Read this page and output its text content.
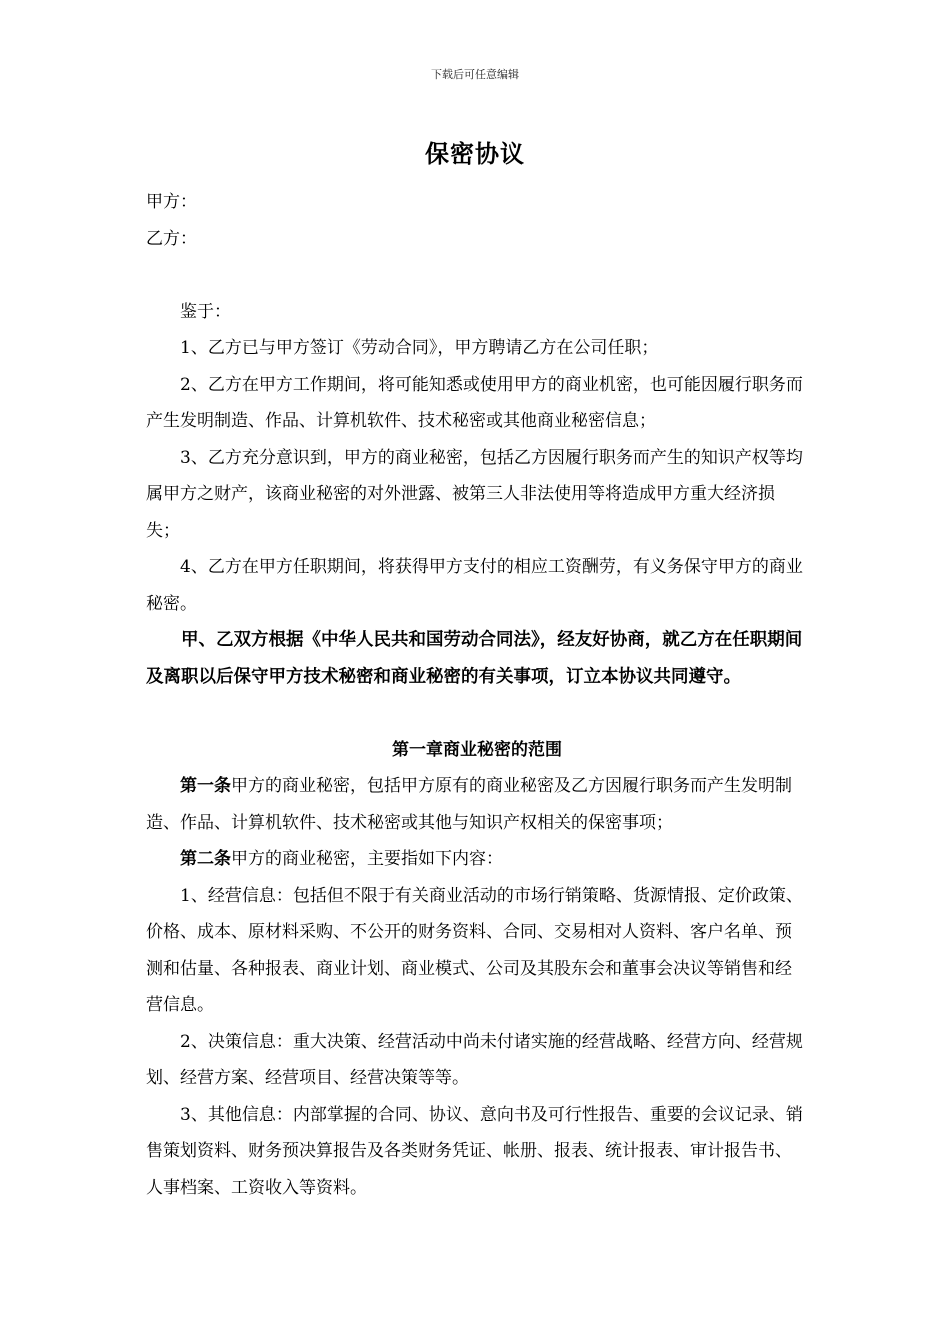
下载后可任意编辑
保密协议

甲方：

乙方：

鉴于：

1、乙方已与甲方签订《劳动合同》，甲方聘请乙方在公司任职；

2、乙方在甲方工作期间，将可能知悉或使用甲方的商业机密，也可能因履行职务而产生发明制造、作品、计算机软件、技术秘密或其他商业秘密信息；

3、乙方充分意识到，甲方的商业秘密，包括乙方因履行职务而产生的知识产权等均属甲方之财产，该商业秘密的对外泄露、被第三人非法使用等将造成甲方重大经济损失；

4、乙方在甲方任职期间，将获得甲方支付的相应工资酬劳，有义务保守甲方的商业秘密。

甲、乙双方根据《中华人民共和国劳动合同法》，经友好协商，就乙方在任职期间及离职以后保守甲方技术秘密和商业秘密的有关事项，订立本协议共同遵守。

第一章商业秘密的范围

第一条甲方的商业秘密，包括甲方原有的商业秘密及乙方因履行职务而产生发明制造、作品、计算机软件、技术秘密或其他与知识产权相关的保密事项；

第二条甲方的商业秘密，主要指如下内容：

1、经营信息：包括但不限于有关商业活动的市场行销策略、货源情报、定价政策、价格、成本、原材料采购、不公开的财务资料、合同、交易相对人资料、客户名单、预测和估量、各种报表、商业计划、商业模式、公司及其股东会和董事会决议等销售和经营信息。

2、决策信息：重大决策、经营活动中尚未付诸实施的经营战略、经营方向、经营规划、经营方案、经营项目、经营决策等等。

3、其他信息：内部掌握的合同、协议、意向书及可行性报告、重要的会议记录、销售策划资料、财务预决算报告及各类财务凭证、帐册、报表、统计报表、审计报告书、人事档案、工资收入等资料。
